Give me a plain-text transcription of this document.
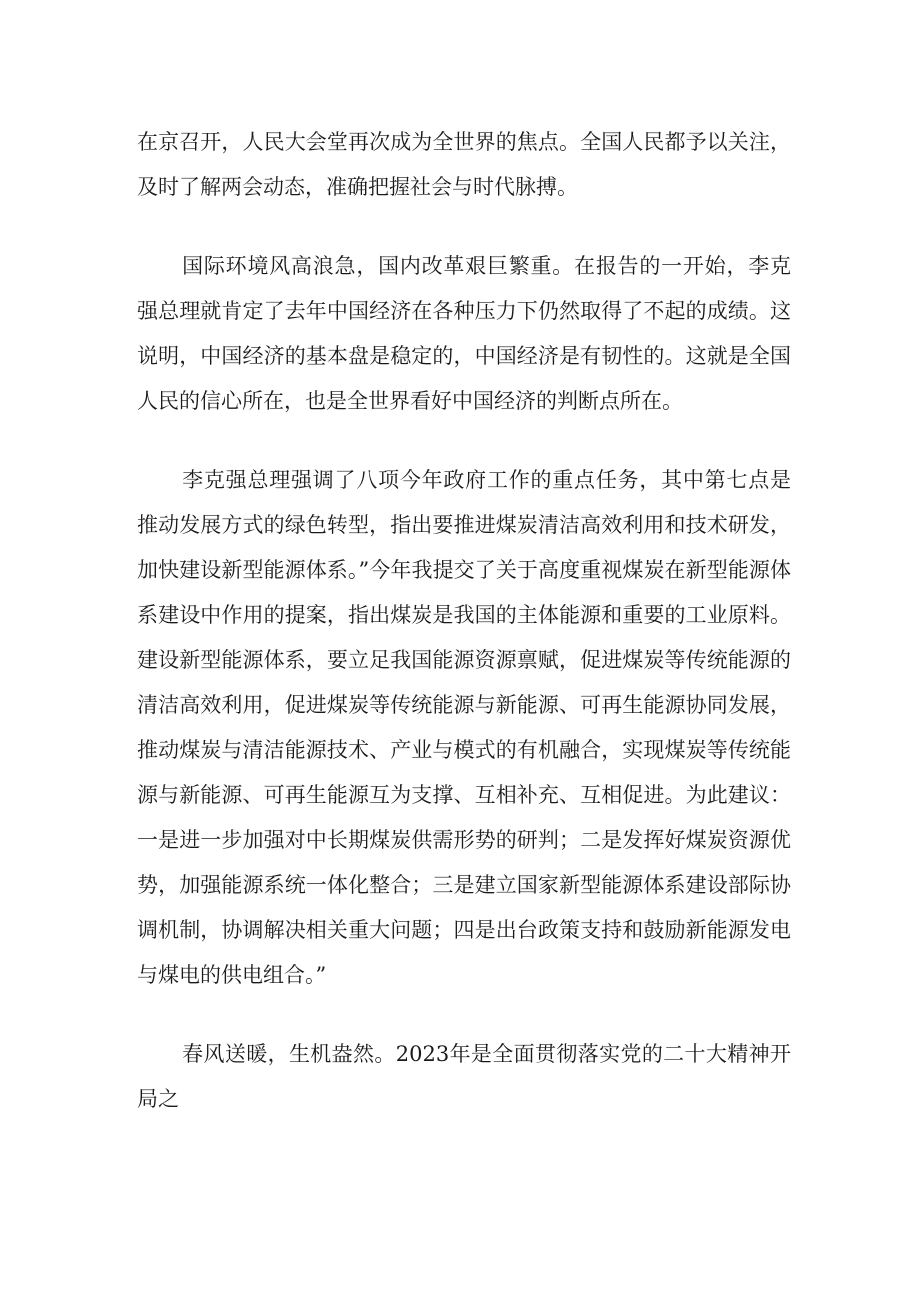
在京召开，人民大会堂再次成为全世界的焦点。全国人民都予以关注，及时了解两会动态，准确把握社会与时代脉搏。

国际环境风高浪急，国内改革艰巨繁重。在报告的一开始，李克强总理就肯定了去年中国经济在各种压力下仍然取得了不起的成绩。这说明，中国经济的基本盘是稳定的，中国经济是有韧性的。这就是全国人民的信心所在，也是全世界看好中国经济的判断点所在。

李克强总理强调了八项今年政府工作的重点任务，其中第七点是推动发展方式的绿色转型，指出要推进煤炭清洁高效利用和技术研发，加快建设新型能源体系。”今年我提交了关于高度重视煤炭在新型能源体系建设中作用的提案，指出煤炭是我国的主体能源和重要的工业原料。建设新型能源体系，要立足我国能源资源禀赋，促进煤炭等传统能源的清洁高效利用，促进煤炭等传统能源与新能源、可再生能源协同发展，推动煤炭与清洁能源技术、产业与模式的有机融合，实现煤炭等传统能源与新能源、可再生能源互为支撑、互相补充、互相促进。为此建议：一是进一步加强对中长期煤炭供需形势的研判；二是发挥好煤炭资源优势，加强能源系统一体化整合；三是建立国家新型能源体系建设部际协调机制，协调解决相关重大问题；四是出台政策支持和鼓励新能源发电与煤电的供电组合。”

春风送暖，生机盎然。2023年是全面贯彻落实党的二十大精神开局之
